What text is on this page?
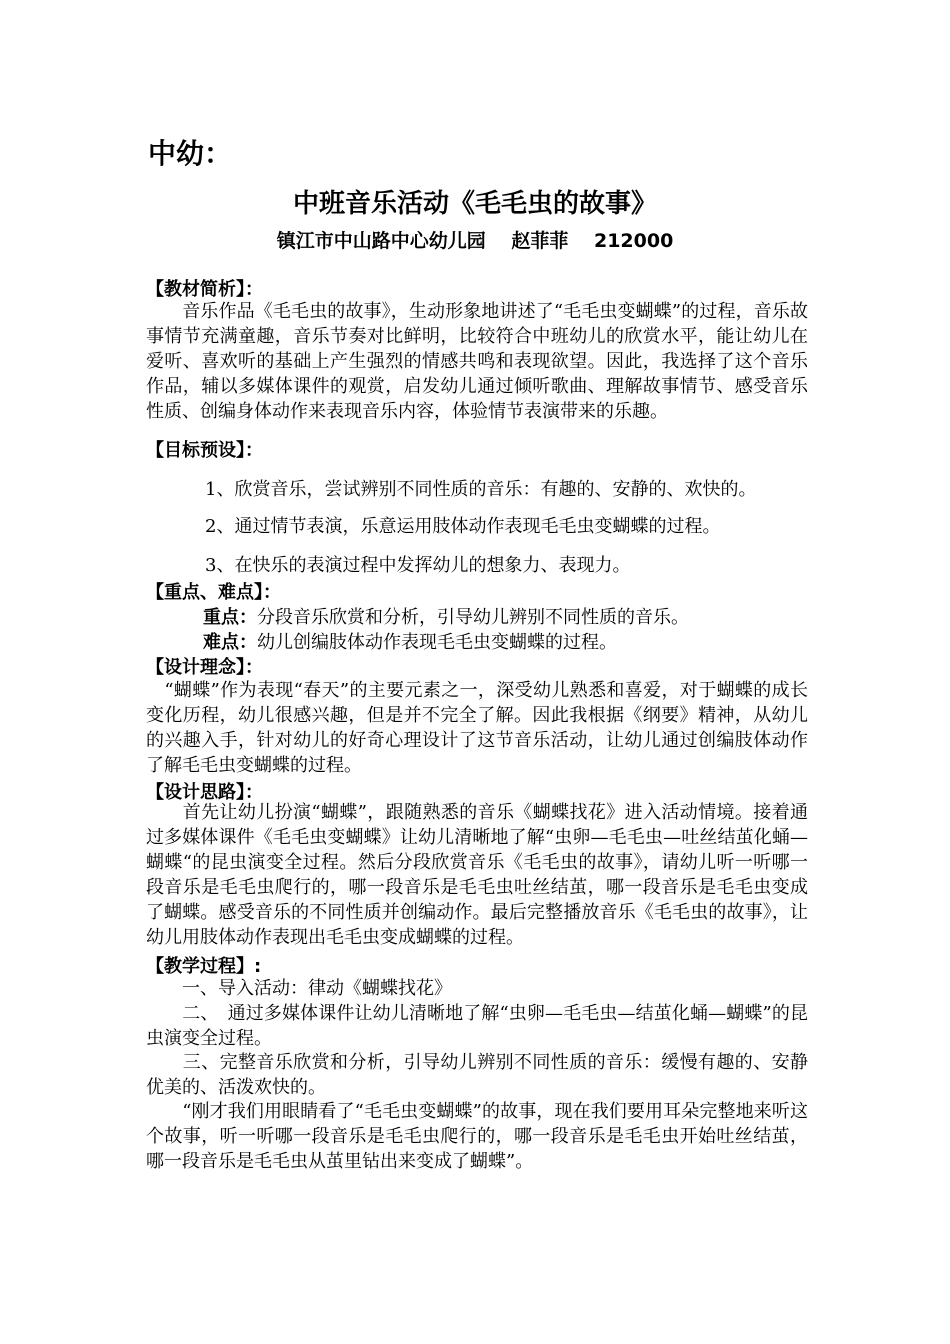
中幼：
中班音乐活动《毛毛虫的故事》
镇江市中山路中心幼儿园　 赵菲菲　 212000
【教材简析】：
　　音乐作品《毛毛虫的故事》，生动形象地讲述了“毛毛虫变蝴蝶”的过程，音乐故事情节充满童趣，音乐节奏对比鲜明，比较符合中班幼儿的欣赏水平，能让幼儿在爱听、喜欢听的基础上产生强烈的情感共鸣和表现欲望。因此，我选择了这个音乐作品，辅以多媒体课件的观赏，启发幼儿通过倾听歌曲、理解故事情节、感受音乐性质、创编身体动作来表现音乐内容，体验情节表演带来的乐趣。
【目标预设】：
1、欣赏音乐，尝试辨别不同性质的音乐：有趣的、安静的、欢快的。
2、通过情节表演，乐意运用肢体动作表现毛毛虫变蝴蝶的过程。
3、在快乐的表演过程中发挥幼儿的想象力、表现力。
【重点、难点】：
重点：分段音乐欣赏和分析，引导幼儿辨别不同性质的音乐。
难点：幼儿创编肢体动作表现毛毛虫变蝴蝶的过程。
【设计理念】：
　“蝴蝶”作为表现“春天”的主要元素之一，深受幼儿熟悉和喜爱，对于蝴蝶的成长变化历程，幼儿很感兴趣，但是并不完全了解。因此我根据《纲要》精神，从幼儿的兴趣入手，针对幼儿的好奇心理设计了这节音乐活动，让幼儿通过创编肢体动作了解毛毛虫变蝴蝶的过程。
【设计思路】：
　　首先让幼儿扮演“蝴蝶”，跟随熟悉的音乐《蝴蝶找花》进入活动情境。接着通过多媒体课件《毛毛虫变蝴蝶》让幼儿清晰地了解“虫卵—毛毛虫—吐丝结茧化蛹—蝴蝶“的昆虫演变全过程。然后分段欣赏音乐《毛毛虫的故事》，请幼儿听一听哪一段音乐是毛毛虫爬行的，哪一段音乐是毛毛虫吐丝结茧，哪一段音乐是毛毛虫变成了蝴蝶。感受音乐的不同性质并创编动作。最后完整播放音乐《毛毛虫的故事》，让幼儿用肢体动作表现出毛毛虫变成蝴蝶的过程。
【教学过程】:
　　一、导入活动：律动《蝴蝶找花》
　　二、　通过多媒体课件让幼儿清晰地了解“虫卵—毛毛虫—结茧化蛹—蝴蝶”的昆虫演变全过程。
　　三、完整音乐欣赏和分析，引导幼儿辨别不同性质的音乐：缓慢有趣的、安静优美的、活泼欢快的。
　　“刚才我们用眼睛看了“毛毛虫变蝴蝶”的故事，现在我们要用耳朵完整地来听这个故事，听一听哪一段音乐是毛毛虫爬行的，哪一段音乐是毛毛虫开始吐丝结茧，哪一段音乐是毛毛虫从茧里钻出来变成了蝴蝶”。
